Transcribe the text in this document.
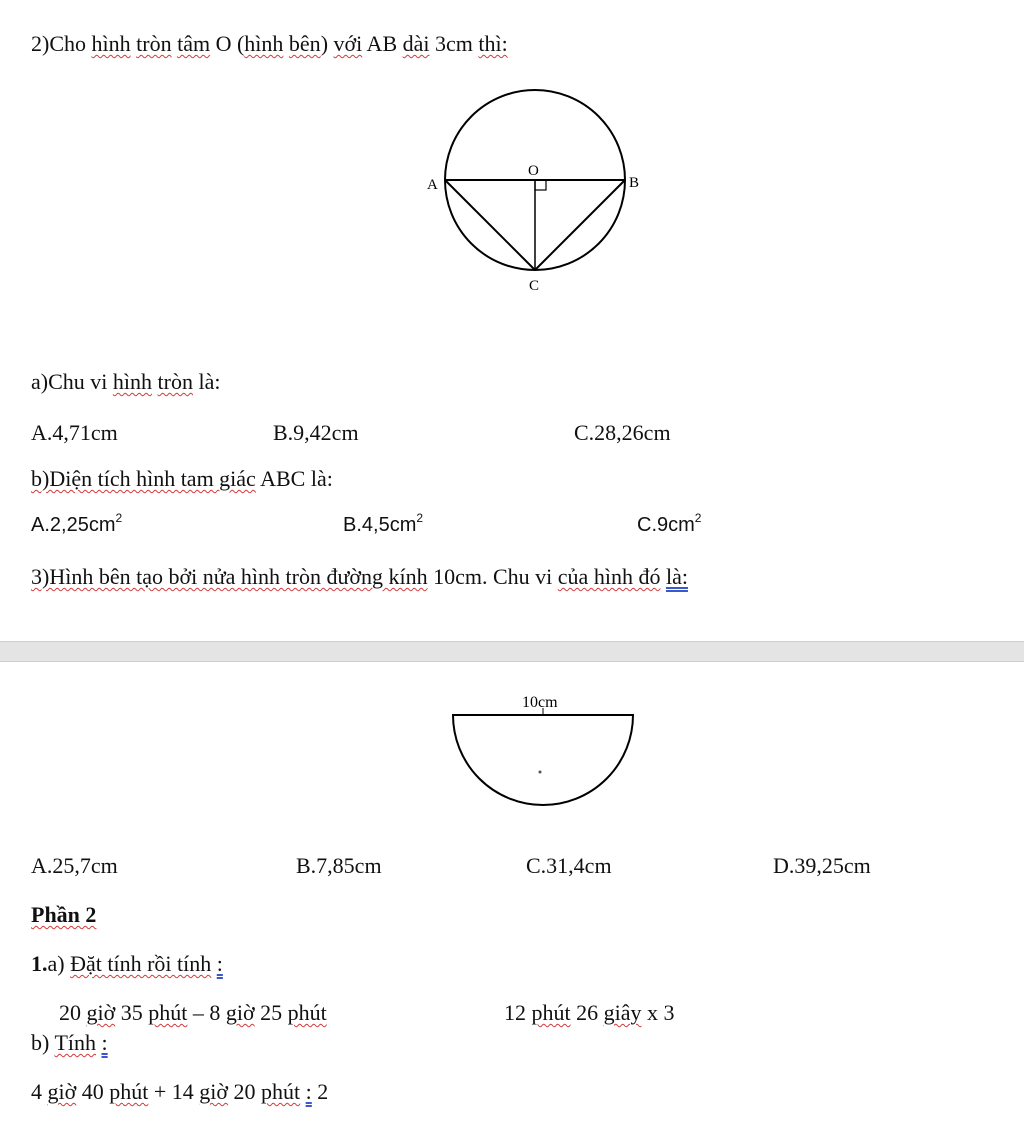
2)Cho hình tròn tâm O (hình bên) với AB dài 3cm thì:
A	B
O
C
a)Chu vi hình tròn là:
A.4,71cm	B.9,42cm	C.28,26cm
b)Diện tích hình tam giác ABC là:
$A.2,25cm^2$	$B.4,5cm^2$	$C.9cm^2$
3)Hình bên tạo bởi nửa hình tròn đường kính 10cm. Chu vi của hình đó là:
10cm
A.25,7cm	B.7,85cm	C.31,4cm	D.39,25cm
Phần 2
1.a) Đặt tính rồi tính :
20 giờ 35 phút – 8 giờ 25 phút	12 phút 26 giây x 3
b) Tính :
4 giờ 40 phút + 14 giờ 20 phút : 2
